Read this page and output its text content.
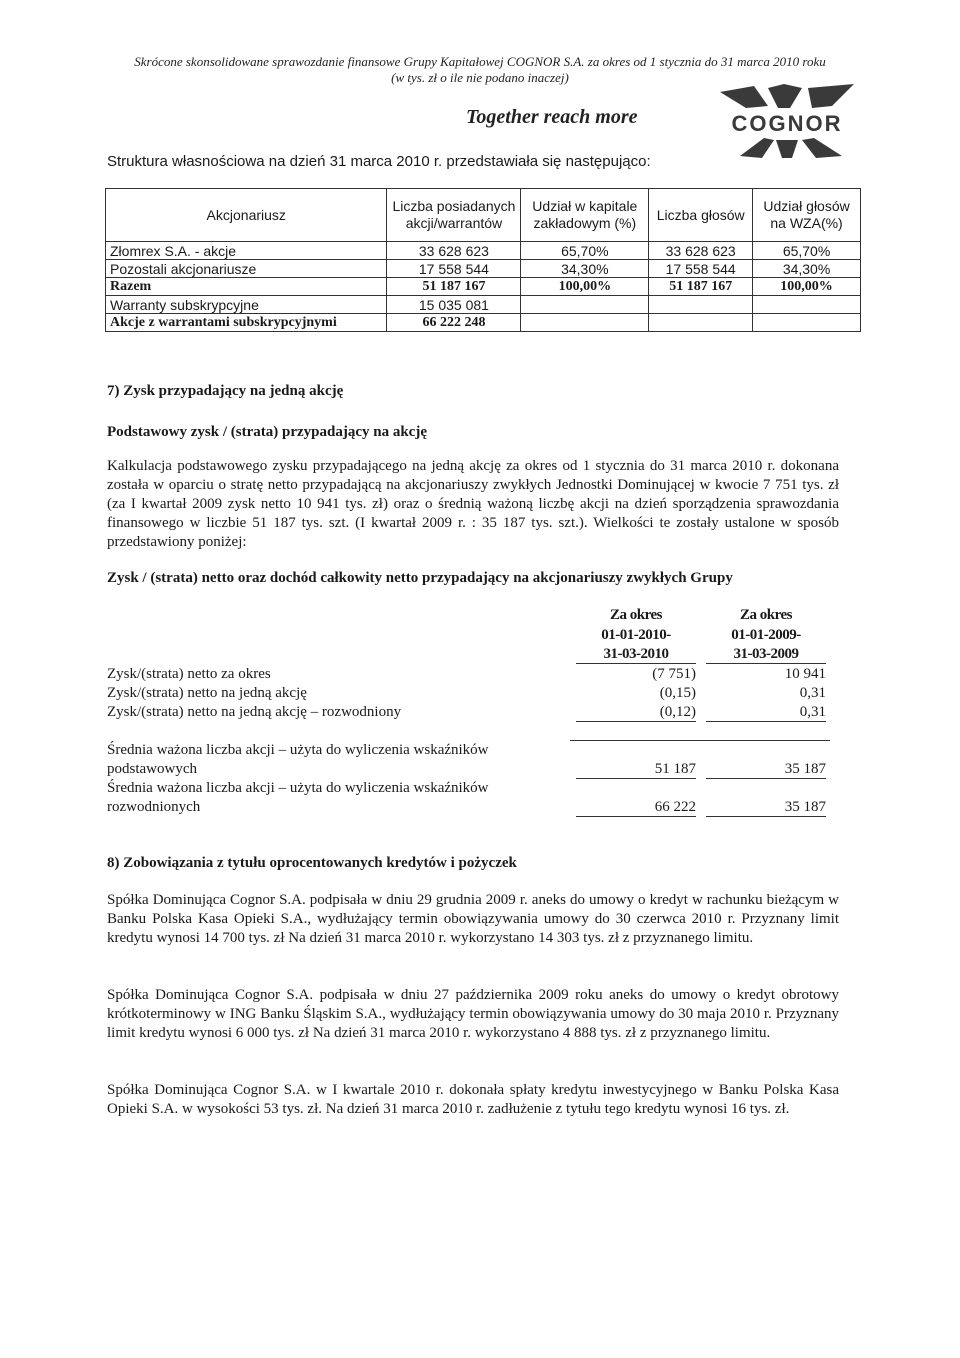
Skrócone skonsolidowane sprawozdanie finansowe Grupy Kapitałowej COGNOR S.A. za okres od 1 stycznia do 31 marca 2010 roku
(w tys. zł o ile nie podano inaczej)
Together reach more	COGNOR
Struktura własnościowa na dzień 31 marca 2010 r. przedstawiała się następująco:
Akcjonariusz	Liczba posiadanych akcji/warrantów	Udział w kapitale zakładowym (%)	Liczba głosów	Udział głosów na WZA(%)
Złomrex S.A. - akcje	33 628 623	65,70%	33 628 623	65,70%
Pozostali akcjonariusze	17 558 544	34,30%	17 558 544	34,30%
Razem	51 187 167	100,00%	51 187 167	100,00%
Warranty subskrypcyjne	15 035 081			
Akcje z warrantami subskrypcyjnymi	66 222 248			
7) Zysk przypadający na jedną akcję
Podstawowy zysk / (strata) przypadający na akcję
Kalkulacja podstawowego zysku przypadającego na jedną akcję za okres od 1 stycznia do 31 marca 2010 r. dokonana została w oparciu o stratę netto przypadającą na akcjonariuszy zwykłych Jednostki Dominującej w kwocie 7 751 tys. zł (za I kwartał 2009 zysk netto 10 941 tys. zł) oraz o średnią ważoną liczbę akcji na dzień sporządzenia sprawozdania finansowego w liczbie 51 187 tys. szt. (I kwartał 2009 r. : 35 187 tys. szt.). Wielkości te zostały ustalone w sposób przedstawiony poniżej:
Zysk / (strata) netto oraz dochód całkowity netto przypadający na akcjonariuszy zwykłych Grupy
Za okres
01-01-2010-
31-03-2010
Za okres
01-01-2009-
31-03-2009
Zysk/(strata) netto za okres	(7 751)	10 941
Zysk/(strata) netto na jedną akcję	(0,15)	0,31
Zysk/(strata) netto na jedną akcję – rozwodniony	(0,12)	0,31
Średnia ważona liczba akcji – użyta do wyliczenia wskaźników
podstawowych	51 187	35 187
Średnia ważona liczba akcji – użyta do wyliczenia wskaźników
rozwodnionych	66 222	35 187
8) Zobowiązania z tytułu oprocentowanych kredytów i pożyczek
Spółka Dominująca Cognor S.A. podpisała w dniu 29 grudnia 2009 r. aneks do umowy o kredyt w rachunku bieżącym w Banku Polska Kasa Opieki S.A., wydłużający termin obowiązywania umowy do 30 czerwca 2010 r. Przyznany limit kredytu wynosi 14 700 tys. zł Na dzień 31 marca 2010 r. wykorzystano 14 303 tys. zł z przyznanego limitu.
Spółka Dominująca Cognor S.A. podpisała w dniu 27 października 2009 roku aneks do umowy o kredyt obrotowy krótkoterminowy w ING Banku Śląskim S.A., wydłużający termin obowiązywania umowy do 30 maja 2010 r. Przyznany limit kredytu wynosi 6 000 tys. zł Na dzień 31 marca 2010 r. wykorzystano 4 888 tys. zł z przyznanego limitu.
Spółka Dominująca Cognor S.A. w I kwartale 2010 r. dokonała spłaty kredytu inwestycyjnego w Banku Polska Kasa Opieki S.A. w wysokości 53 tys. zł. Na dzień 31 marca 2010 r. zadłużenie z tytułu tego kredytu wynosi 16 tys. zł.
